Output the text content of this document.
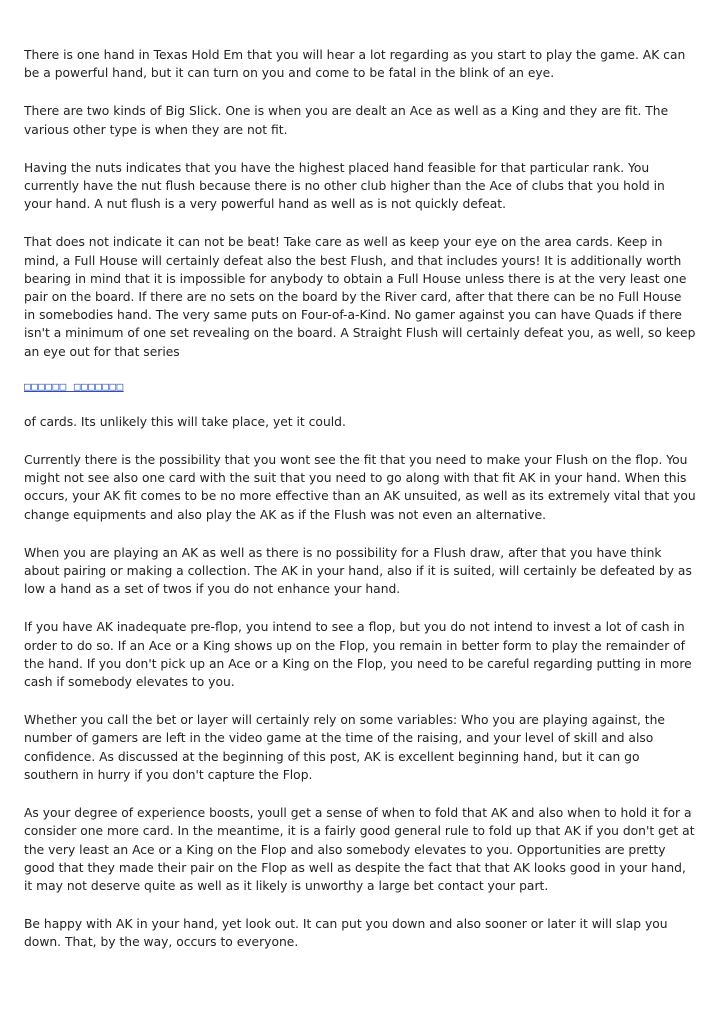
There is one hand in Texas Hold Em that you will hear a lot regarding as you start to play the game. AK can be a powerful hand, but it can turn on you and come to be fatal in the blink of an eye.

There are two kinds of Big Slick. One is when you are dealt an Ace as well as a King and they are fit. The various other type is when they are not fit.

Having the nuts indicates that you have the highest placed hand feasible for that particular rank. You currently have the nut flush because there is no other club higher than the Ace of clubs that you hold in your hand. A nut flush is a very powerful hand as well as is not quickly defeat.

That does not indicate it can not be beat! Take care as well as keep your eye on the area cards. Keep in mind, a Full House will certainly defeat also the best Flush, and that includes yours! It is additionally worth bearing in mind that it is impossible for anybody to obtain a Full House unless there is at the very least one pair on the board. If there are no sets on the board by the River card, after that there can be no Full House in somebodies hand. The very same puts on Four-of-a-Kind. No gamer against you can have Quads if there isn't a minimum of one set revealing on the board. A Straight Flush will certainly defeat you, as well, so keep an eye out for that series

□□□□□□ □□□□□□□

of cards. Its unlikely this will take place, yet it could.

Currently there is the possibility that you wont see the fit that you need to make your Flush on the flop. You might not see also one card with the suit that you need to go along with that fit AK in your hand. When this occurs, your AK fit comes to be no more effective than an AK unsuited, as well as its extremely vital that you change equipments and also play the AK as if the Flush was not even an alternative.

When you are playing an AK as well as there is no possibility for a Flush draw, after that you have think about pairing or making a collection. The AK in your hand, also if it is suited, will certainly be defeated by as low a hand as a set of twos if you do not enhance your hand.

If you have AK inadequate pre-flop, you intend to see a flop, but you do not intend to invest a lot of cash in order to do so. If an Ace or a King shows up on the Flop, you remain in better form to play the remainder of the hand. If you don't pick up an Ace or a King on the Flop, you need to be careful regarding putting in more cash if somebody elevates to you.

Whether you call the bet or layer will certainly rely on some variables: Who you are playing against, the number of gamers are left in the video game at the time of the raising, and your level of skill and also confidence. As discussed at the beginning of this post, AK is excellent beginning hand, but it can go southern in hurry if you don't capture the Flop.

As your degree of experience boosts, youll get a sense of when to fold that AK and also when to hold it for a consider one more card. In the meantime, it is a fairly good general rule to fold up that AK if you don't get at the very least an Ace or a King on the Flop and also somebody elevates to you. Opportunities are pretty good that they made their pair on the Flop as well as despite the fact that that AK looks good in your hand, it may not deserve quite as well as it likely is unworthy a large bet contact your part.

Be happy with AK in your hand, yet look out. It can put you down and also sooner or later it will slap you down. That, by the way, occurs to everyone.
